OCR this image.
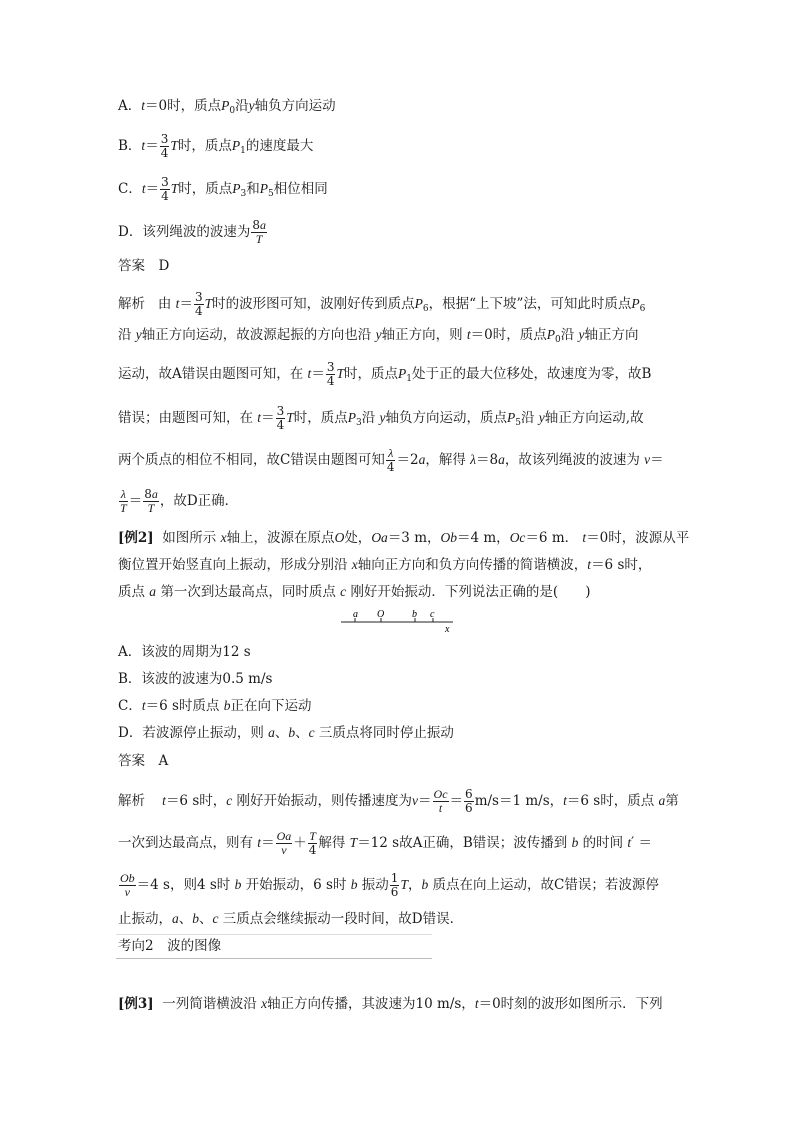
A．t＝0时，质点$P_0$沿y轴负方向运动
B．$t= \frac{3}{4}$ T时，质点$P_1$的速度最大
C．$t= \frac{3}{4}$ T时，质点$P_3$和$P_5$相位相同
D．该列绳波的波速为 $\frac{8a}{T}$
答案　D
解析 由 $t= \frac{3}{4}$ T时的波形图可知，波刚好传到质点$P_6$，根据“上下坡”法，可知此时质点$P_6$
沿 y轴正方向运动，故波源起振的方向也沿 y轴正方向，则 t＝0时，质点$P_0$沿 y轴正方向
运动，故A错误由题图可知，在 $t= \frac{3}{4}$ T时，质点$P_1$处于正的最大位移处，故速度为零，故B
错误；由题图可知，在 $t= \frac{3}{4}$ T时，质点$P_3$沿 y轴负方向运动，质点$P_5$沿 y轴正方向运动,故
两个质点的相位不相同，故C错误由题图可知 $\frac{\lambda}{4} =2a$，解得 λ＝8a，故该列绳波的波速为 v＝
$\frac{\lambda}{T} = \frac{8a}{T}$ ，故D正确．
[例2] 如图所示 x轴上，波源在原点O处，Oa＝3 m，Ob＝4 m，Oc＝6 m． t＝0时，波源从平
衡位置开始竖直向上振动，形成分别沿 x轴向正方向和负方向传播的简谐横波，t＝6 s时，
质点 a 第一次到达最高点，同时质点 c 刚好开始振动．下列说法正确的是(　　)
a O	b c
x
A．该波的周期为12 s
B．该波的波速为0.5 m/s
C．t＝6 s时质点 b正在向下运动
D．若波源停止振动，则 a、b、c 三质点将同时停止振动
答案　A
解析 t＝6 s时，c 刚好开始振动，则传播速度为$v= \frac{Oc}{t} = \frac{6}{6} m/s=1$ m/s，t＝6 s时，质点 a第
一次到达最高点，则有 $t= \frac{Oa}{v} + \frac{T}{4}$ 解得 T＝12 s故A正确，B错误；波传播到 b 的时间 t′ ＝
$\frac{Ob}{v} =4$ s，则4 s时 b 开始振动，6 s时 b 振动 $\frac{1}{6}$ T，b 质点在向上运动，故C错误；若波源停
止振动，a、b、c 三质点会继续振动一段时间，故D错误．
考向2　波的图像
[例3] 一列简谐横波沿 x轴正方向传播，其波速为10 m/s，t＝0时刻的波形如图所示．下列
